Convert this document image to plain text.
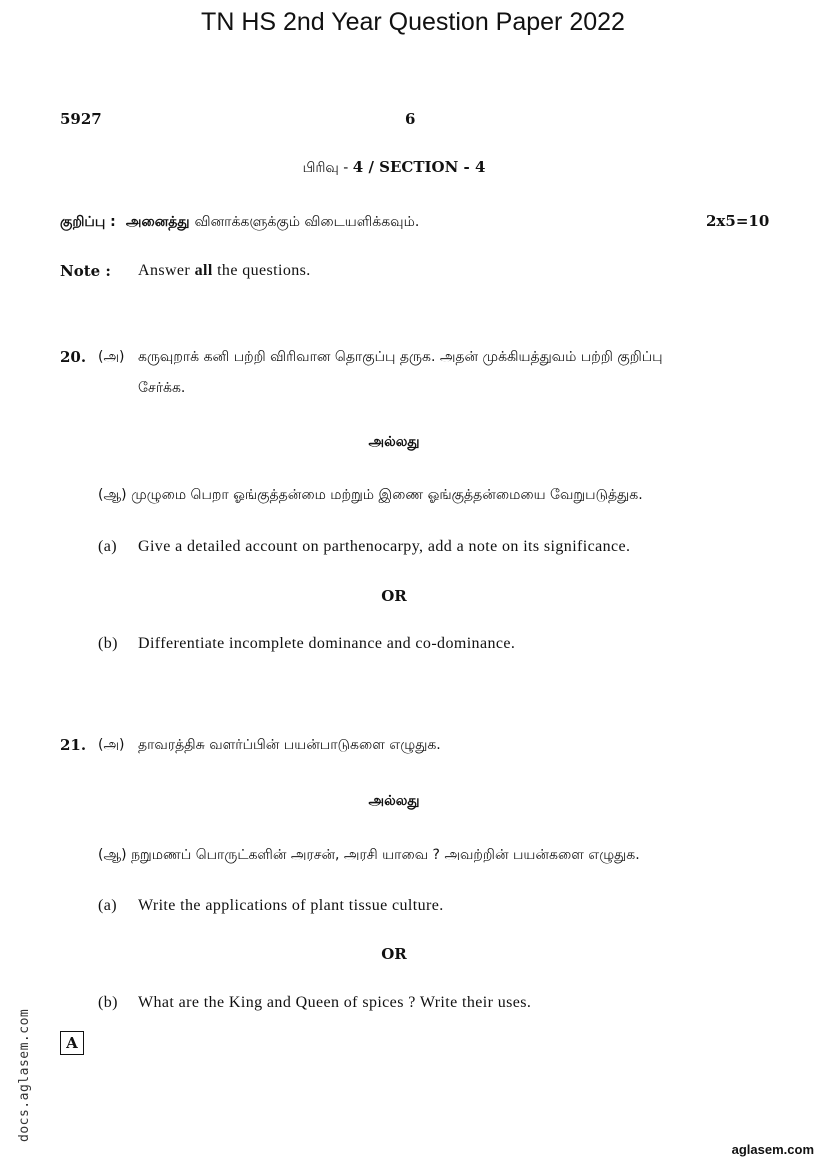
TN HS 2nd Year Question Paper 2022
5927	6
பிரிவு - 4 / SECTION - 4
குறிப்பு : அனைத்து வினாக்களுக்கும் விடையளிக்கவும்.	2x5=10
Note : Answer all the questions.
20. (அ) கருவுறாக் கனி பற்றி விரிவான தொகுப்பு தருக. அதன் முக்கியத்துவம் பற்றி குறிப்பு
சேர்க்க.
அல்லது
(ஆ) முழுமை பெறா ஓங்குத்தன்மை மற்றும் இணை ஓங்குத்தன்மையை வேறுபடுத்துக.
(a) Give a detailed account on parthenocarpy, add a note on its significance.
OR
(b) Differentiate incomplete dominance and co-dominance.
21. (அ) தாவரத்திசு வளர்ப்பின் பயன்பாடுகளை எழுதுக.
அல்லது
(ஆ) நறுமணப் பொருட்களின் அரசன், அரசி யாவை ? அவற்றின் பயன்களை எழுதுக.
(a) Write the applications of plant tissue culture.
OR
(b) What are the King and Queen of spices ? Write their uses.
A
docs.aglasem.com
aglasem.com
